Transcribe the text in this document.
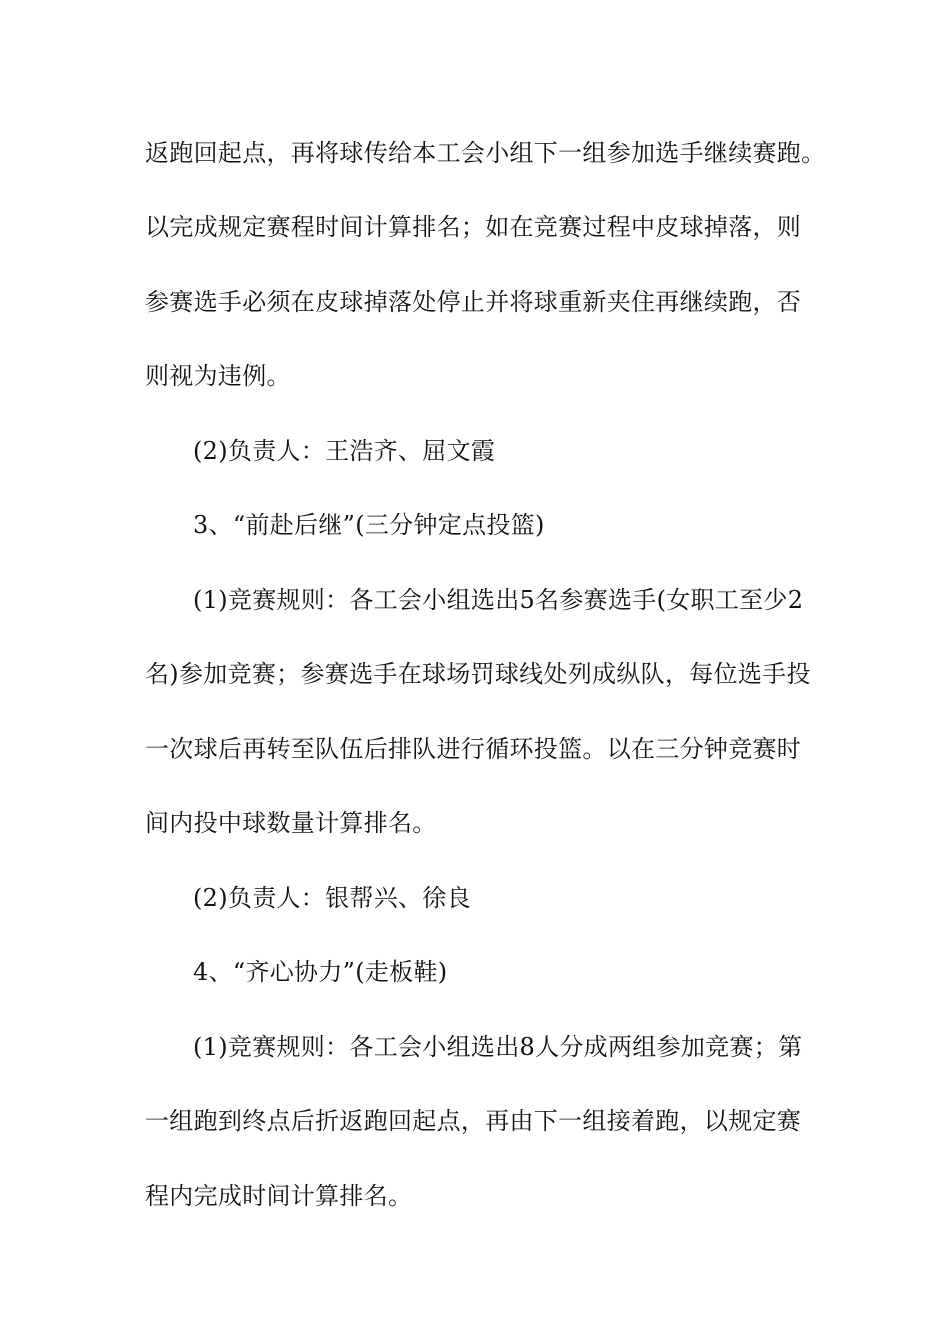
返跑回起点，再将球传给本工会小组下一组参加选手继续赛跑。
以完成规定赛程时间计算排名；如在竞赛过程中皮球掉落，则
参赛选手必须在皮球掉落处停止并将球重新夹住再继续跑，否
则视为违例。
(2)负责人：王浩齐、屈文霞
3、“前赴后继”(三分钟定点投篮)
(1)竞赛规则：各工会小组选出5名参赛选手(女职工至少2
名)参加竞赛；参赛选手在球场罚球线处列成纵队，每位选手投
一次球后再转至队伍后排队进行循环投篮。以在三分钟竞赛时
间内投中球数量计算排名。
(2)负责人：银帮兴、徐良
4、“齐心协力”(走板鞋)
(1)竞赛规则：各工会小组选出8人分成两组参加竞赛；第
一组跑到终点后折返跑回起点，再由下一组接着跑，以规定赛
程内完成时间计算排名。
